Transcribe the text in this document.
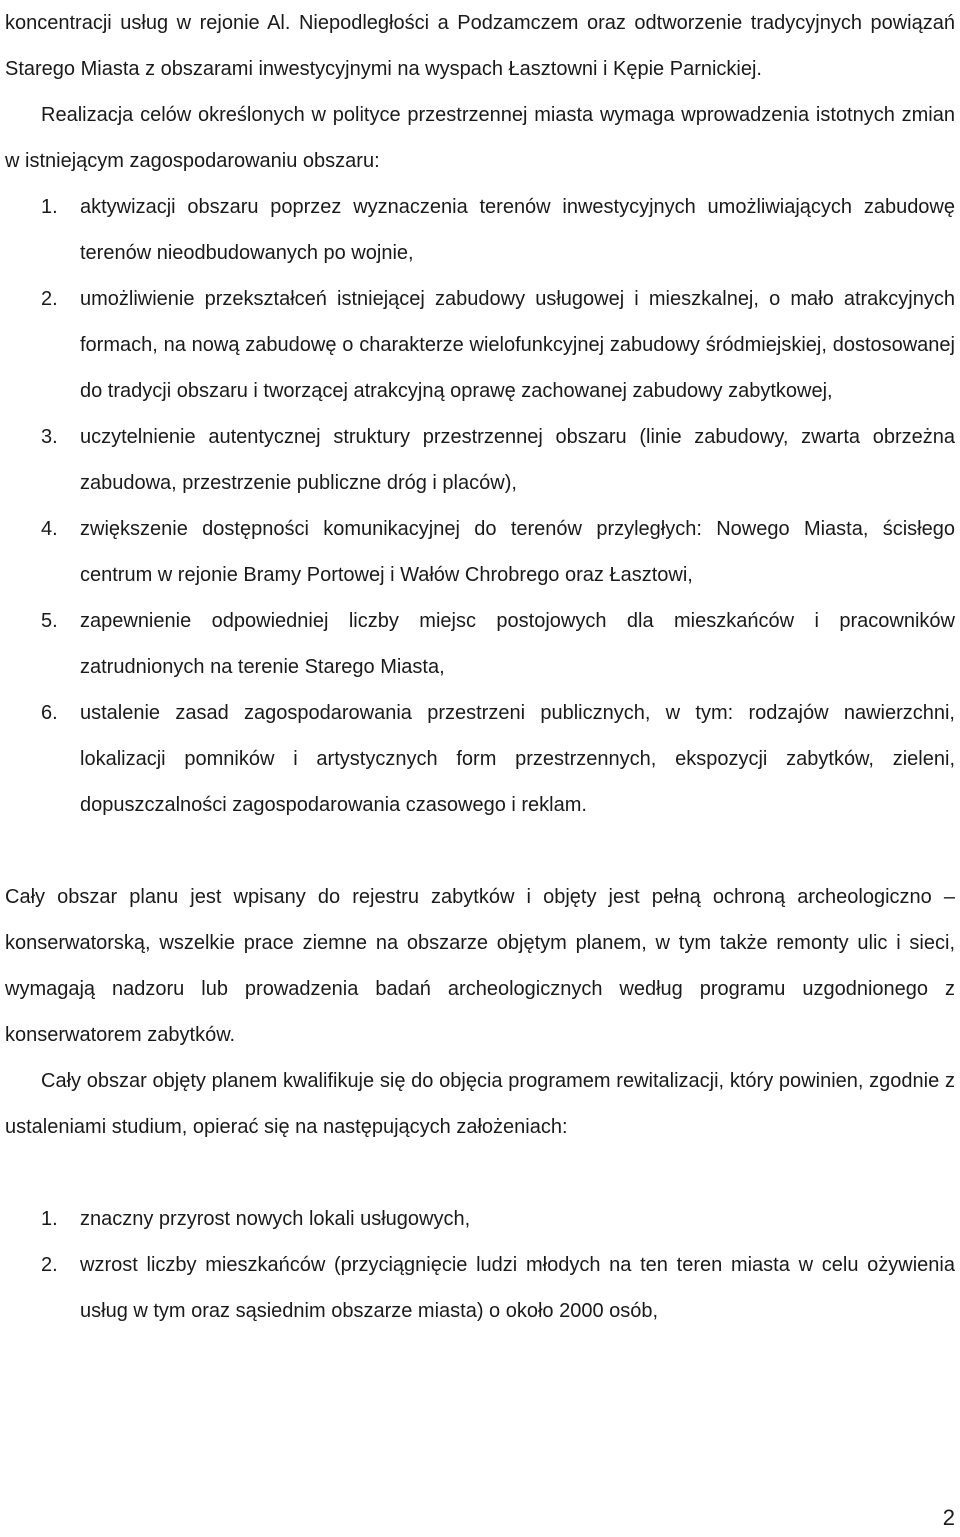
koncentracji usług w rejonie Al. Niepodległości a Podzamczem oraz odtworzenie tradycyjnych powiązań Starego Miasta z obszarami inwestycyjnymi na wyspach Łasztowni i Kępie Parnickiej.

Realizacja celów określonych w polityce przestrzennej miasta wymaga wprowadzenia istotnych zmian w istniejącym zagospodarowaniu obszaru:

1. aktywizacji obszaru poprzez wyznaczenia terenów inwestycyjnych umożliwiających zabudowę terenów nieodbudowanych po wojnie,
2. umożliwienie przekształceń istniejącej zabudowy usługowej i mieszkalnej, o mało atrakcyjnych formach, na nową zabudowę o charakterze wielofunkcyjnej zabudowy śródmiejskiej, dostosowanej do tradycji obszaru i tworzącej atrakcyjną oprawę zachowanej zabudowy zabytkowej,
3. uczytelnienie autentycznej struktury przestrzennej obszaru (linie zabudowy, zwarta obrzeżna zabudowa, przestrzenie publiczne dróg i placów),
4. zwiększenie dostępności komunikacyjnej do terenów przyległych: Nowego Miasta, ścisłego centrum w rejonie Bramy Portowej i Wałów Chrobrego oraz Łasztowi,
5. zapewnienie odpowiedniej liczby miejsc postojowych dla mieszkańców i pracowników zatrudnionych na terenie Starego Miasta,
6. ustalenie zasad zagospodarowania przestrzeni publicznych, w tym: rodzajów nawierzchni, lokalizacji pomników i artystycznych form przestrzennych, ekspozycji zabytków, zieleni, dopuszczalności zagospodarowania czasowego i reklam.

Cały obszar planu jest wpisany do rejestru zabytków i objęty jest pełną ochroną archeologiczno – konserwatorską, wszelkie prace ziemne na obszarze objętym planem, w tym także remonty ulic i sieci, wymagają nadzoru lub prowadzenia badań archeologicznych według programu uzgodnionego z konserwatorem zabytków.

Cały obszar objęty planem kwalifikuje się do objęcia programem rewitalizacji, który powinien, zgodnie z ustaleniami studium, opierać się na następujących założeniach:

1. znaczny przyrost nowych lokali usługowych,
2. wzrost liczby mieszkańców (przyciągnięcie ludzi młodych na ten teren miasta w celu ożywienia usług w tym oraz sąsiednim obszarze miasta) o około 2000 osób,
2
